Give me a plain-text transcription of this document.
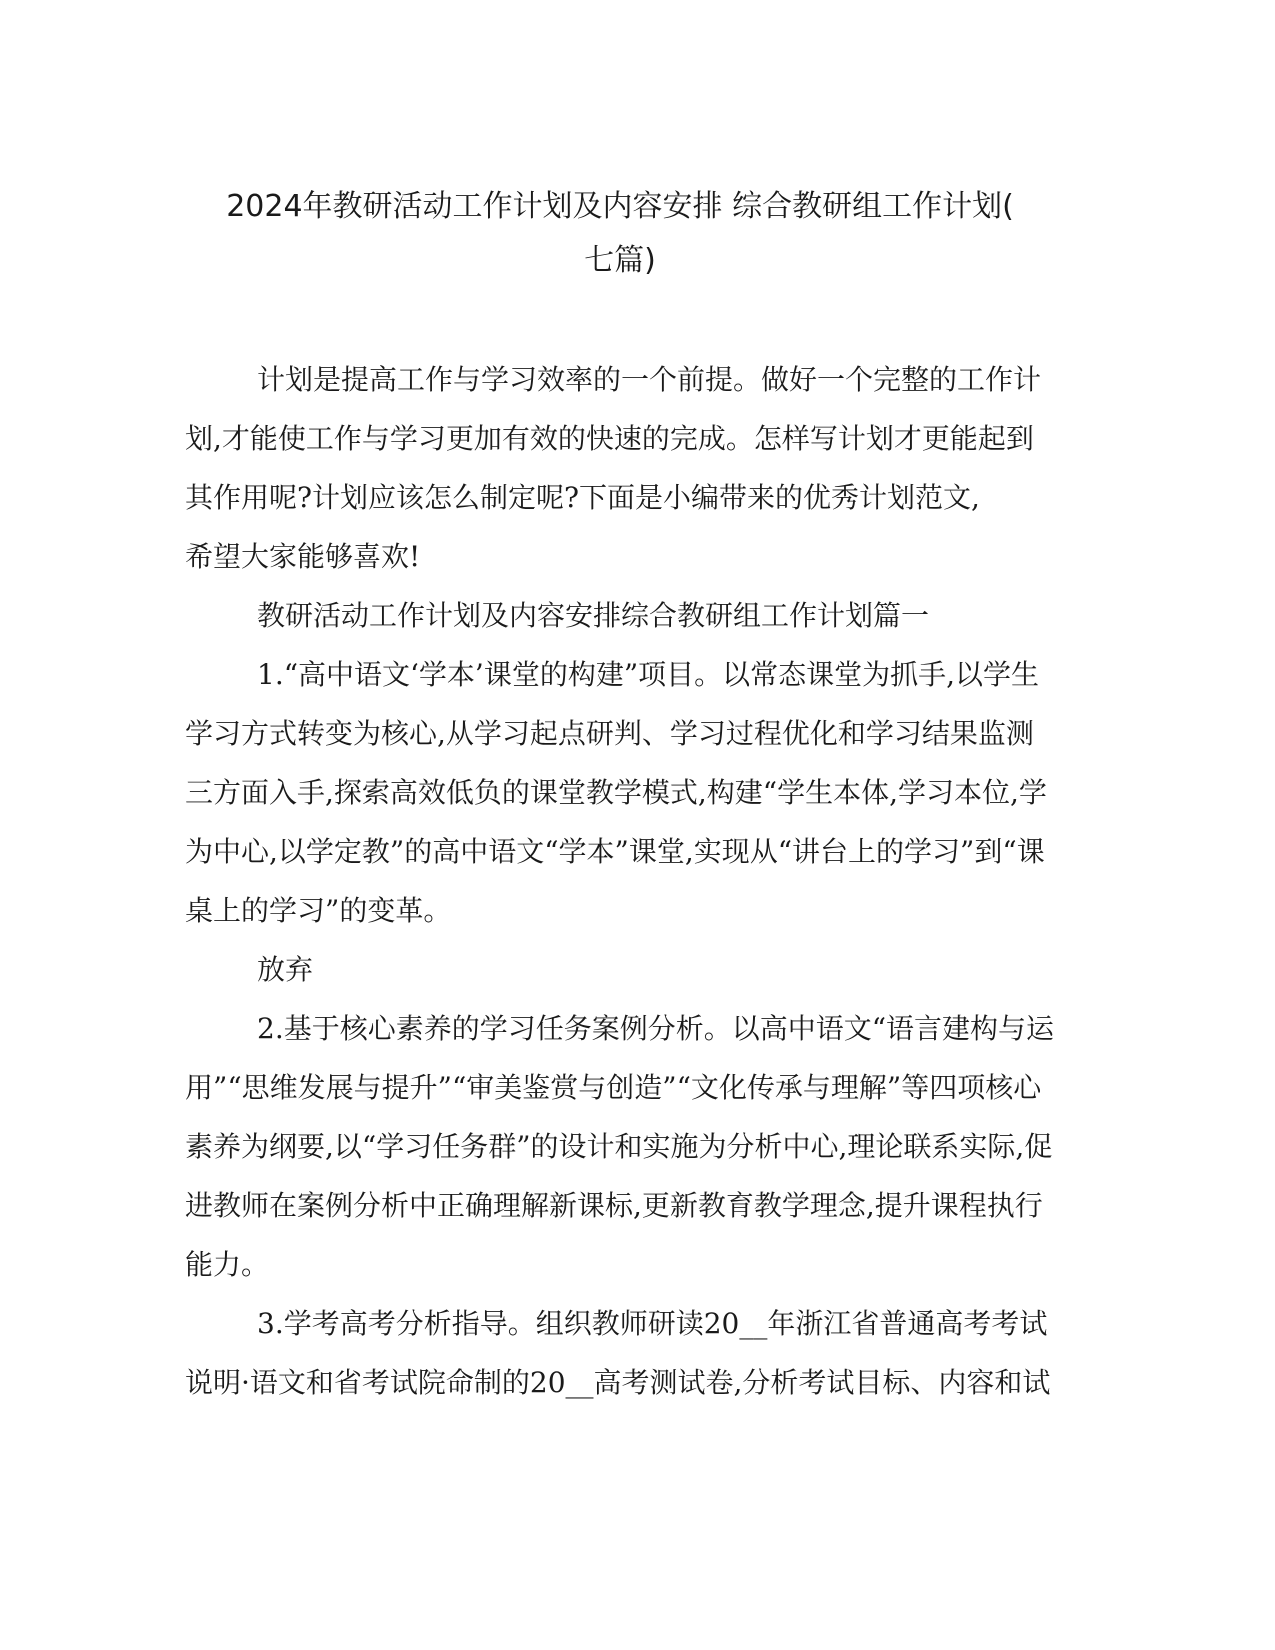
2024年教研活动工作计划及内容安排 综合教研组工作计划(
七篇)

计划是提高工作与学习效率的一个前提。做好一个完整的工作计
划,才能使工作与学习更加有效的快速的完成。怎样写计划才更能起到
其作用呢?计划应该怎么制定呢?下面是小编带来的优秀计划范文,
希望大家能够喜欢!

教研活动工作计划及内容安排综合教研组工作计划篇一

1.“高中语文‘学本’课堂的构建”项目。以常态课堂为抓手,以学生
学习方式转变为核心,从学习起点研判、学习过程优化和学习结果监测
三方面入手,探索高效低负的课堂教学模式,构建“学生本体,学习本位,学
为中心,以学定教”的高中语文“学本”课堂,实现从“讲台上的学习”到“课
桌上的学习”的变革。

放弃

2.基于核心素养的学习任务案例分析。以高中语文“语言建构与运
用”“思维发展与提升”“审美鉴赏与创造”“文化传承与理解”等四项核心
素养为纲要,以“学习任务群”的设计和实施为分析中心,理论联系实际,促
进教师在案例分析中正确理解新课标,更新教育教学理念,提升课程执行
能力。

3.学考高考分析指导。组织教师研读20__年浙江省普通高考考试
说明·语文和省考试院命制的20__高考测试卷,分析考试目标、内容和试
